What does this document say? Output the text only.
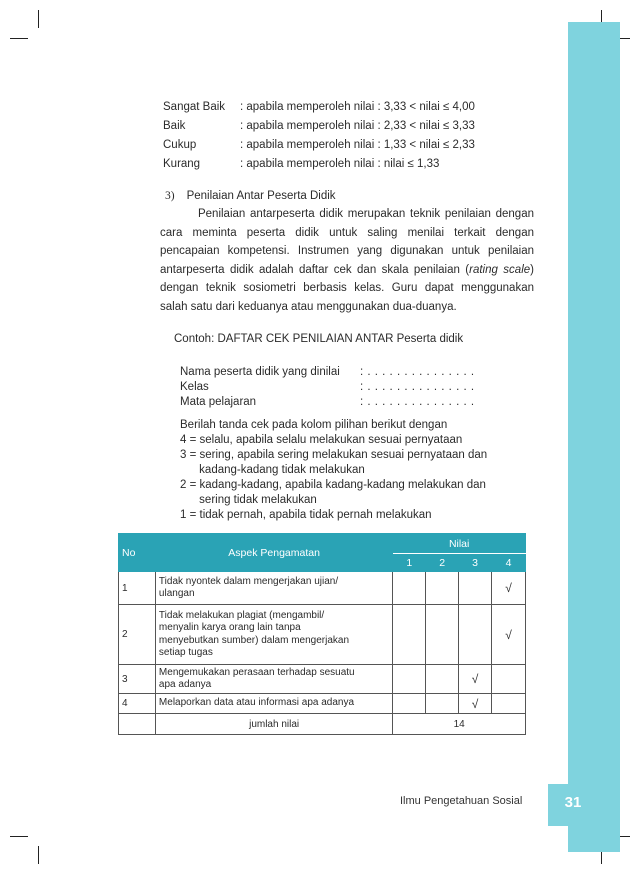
Sangat Baik	: apabila memperoleh nilai : 3,33 < nilai ≤ 4,00
Baik	: apabila memperoleh nilai : 2,33 < nilai ≤ 3,33
Cukup	: apabila memperoleh nilai : 1,33 < nilai ≤ 2,33
Kurang	: apabila memperoleh nilai : nilai ≤ 1,33
3) Penilaian Antar Peserta Didik
Penilaian antarpeserta didik merupakan teknik penilaian dengan
cara meminta peserta didik untuk saling menilai terkait dengan
pencapaian kompetensi. Instrumen yang digunakan untuk penilaian
antarpeserta didik adalah daftar cek dan skala penilaian (rating scale)
dengan teknik sosiometri berbasis kelas. Guru dapat menggunakan
salah satu dari keduanya atau menggunakan dua-duanya.
Contoh: DAFTAR CEK PENILAIAN ANTAR Peserta didik
Nama peserta didik yang dinilai : . . . . . . . . . . . . . . .
Kelas	: . . . . . . . . . . . . . . .
Mata pelajaran	: . . . . . . . . . . . . . . .
Berilah tanda cek pada kolom pilihan berikut dengan
4 = selalu, apabila selalu melakukan sesuai pernyataan
3 = sering, apabila sering melakukan sesuai pernyataan dan
kadang-kadang tidak melakukan
2 = kadang-kadang, apabila kadang-kadang melakukan dan
sering tidak melakukan
1 = tidak pernah, apabila tidak pernah melakukan
No	Aspek Pengamatan	Nilai			
		1	2	3	4
1	Tidak nyontek dalam mengerjakan ujian/
ulangan				√
2	Tidak melakukan plagiat (mengambil/
menyalin karya orang lain tanpa
menyebutkan sumber) dalam mengerjakan
setiap tugas				√
3	Mengemukakan perasaan terhadap sesuatu
apa adanya			√	
4	Melaporkan data atau informasi apa adanya			√	
	jumlah nilai	14			
Ilmu Pengetahuan Sosial	31
